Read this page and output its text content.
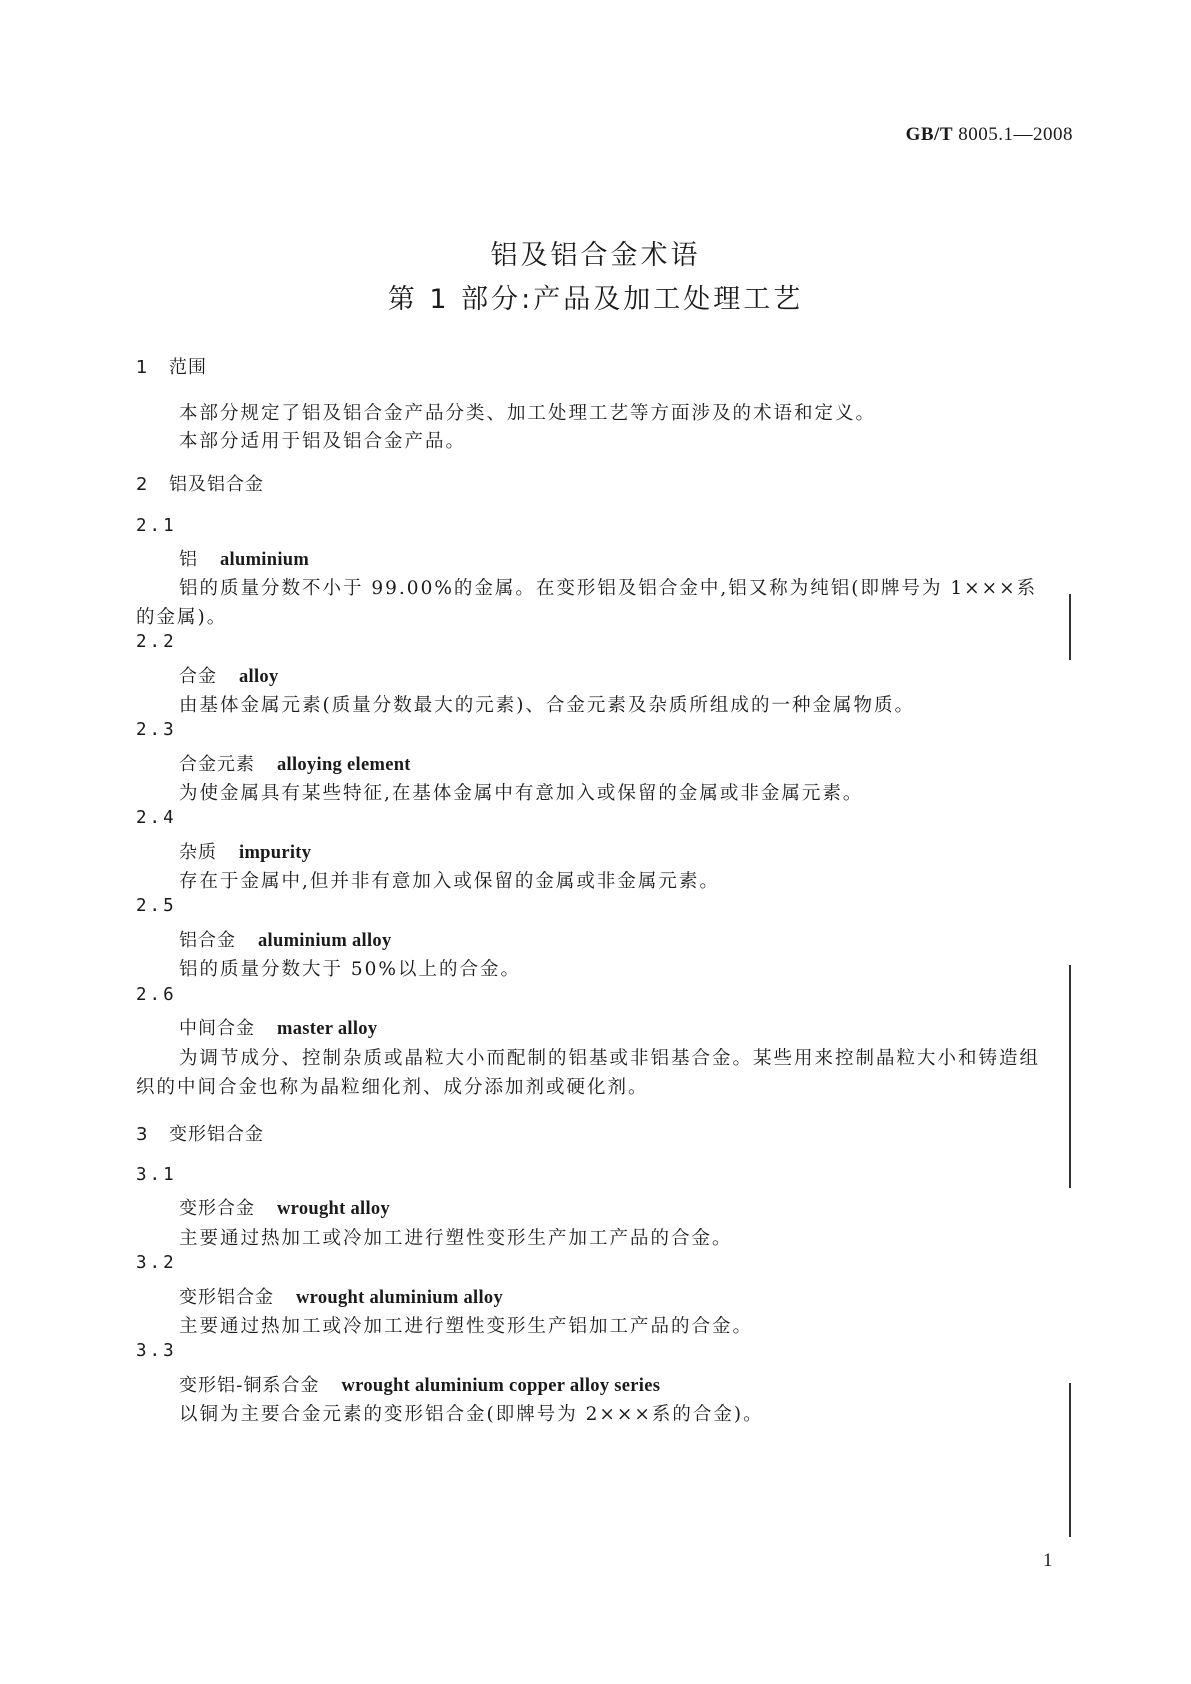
GB/T 8005.1—2008
铝及铝合金术语
第 1 部分:产品及加工处理工艺
1 范围
本部分规定了铝及铝合金产品分类、加工处理工艺等方面涉及的术语和定义。
本部分适用于铝及铝合金产品。
2 铝及铝合金
2.1
铝 aluminium
铝的质量分数不小于 99.00%的金属。在变形铝及铝合金中,铝又称为纯铝(即牌号为 1×××系
的金属)。
2.2
合金 alloy
由基体金属元素(质量分数最大的元素)、合金元素及杂质所组成的一种金属物质。
2.3
合金元素 alloying element
为使金属具有某些特征,在基体金属中有意加入或保留的金属或非金属元素。
2.4
杂质 impurity
存在于金属中,但并非有意加入或保留的金属或非金属元素。
2.5
铝合金 aluminium alloy
铝的质量分数大于 50%以上的合金。
2.6
中间合金 master alloy
为调节成分、控制杂质或晶粒大小而配制的铝基或非铝基合金。某些用来控制晶粒大小和铸造组
织的中间合金也称为晶粒细化剂、成分添加剂或硬化剂。
3 变形铝合金
3.1
变形合金 wrought alloy
主要通过热加工或冷加工进行塑性变形生产加工产品的合金。
3.2
变形铝合金 wrought aluminium alloy
主要通过热加工或冷加工进行塑性变形生产铝加工产品的合金。
3.3
变形铝-铜系合金 wrought aluminium copper alloy series
以铜为主要合金元素的变形铝合金(即牌号为 2×××系的合金)。
1
